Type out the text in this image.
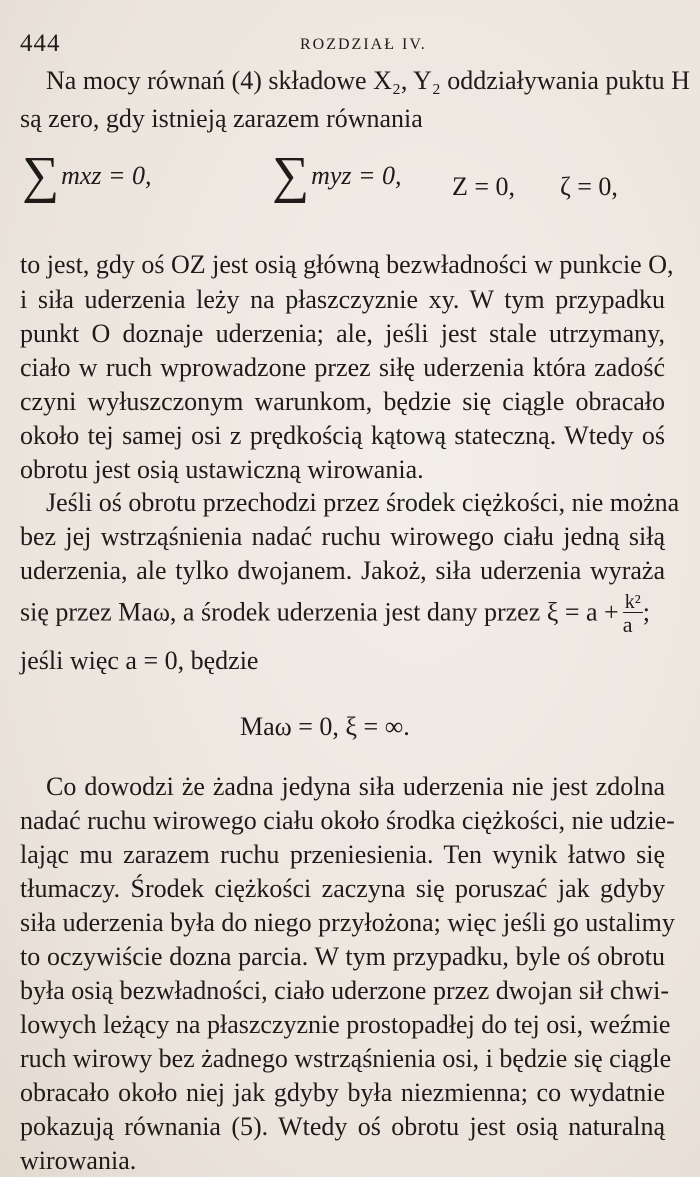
444	ROZDZIAŁ IV.
Na mocy równań (4) składowe X₂, Y₂ oddziaływania puktu H
są zero, gdy istnieją zarazem równania
∑mxz = 0, ∑myz = 0, Z = 0, ζ = 0,
to jest, gdy oś OZ jest osią główną bezwładności w punkcie O,
i siła uderzenia leży na płaszczyznie xy. W tym przypadku
punkt O doznaje uderzenia; ale, jeśli jest stale utrzymany,
ciało w ruch wprowadzone przez siłę uderzenia która zadość
czyni wyłuszczonym warunkom, będzie się ciągle obracało
około tej samej osi z prędkością kątową stateczną. Wtedy oś
obrotu jest osią ustawiczną wirowania.
Jeśli oś obrotu przechodzi przez środek ciężkości, nie można
bez jej wstrząśnienia nadać ruchu wirowego ciału jedną siłą
uderzenia, ale tylko dwojanem. Jakoż, siła uderzenia wyraża
się przez Maω, a środek uderzenia jest dany przez $\xi = a + \frac{\text{k²}}{a}$ ;
jeśli więc a = 0, będzie
Maω = 0, ξ = ∞.
Co dowodzi że żadna jedyna siła uderzenia nie jest zdolna
nadać ruchu wirowego ciału około środka ciężkości, nie udzie-
lając mu zarazem ruchu przeniesienia. Ten wynik łatwo się
tłumaczy. Środek ciężkości zaczyna się poruszać jak gdyby
siła uderzenia była do niego przyłożona; więc jeśli go ustalimy
to oczywiście dozna parcia. W tym przypadku, byle oś obrotu
była osią bezwładności, ciało uderzone przez dwojan sił chwi-
lowych leżący na płaszczyznie prostopadłej do tej osi, weźmie
ruch wirowy bez żadnego wstrząśnienia osi, i będzie się ciągle
obracało około niej jak gdyby była niezmienna; co wydatnie
pokazują równania (5). Wtedy oś obrotu jest osią naturalną
wirowania.
